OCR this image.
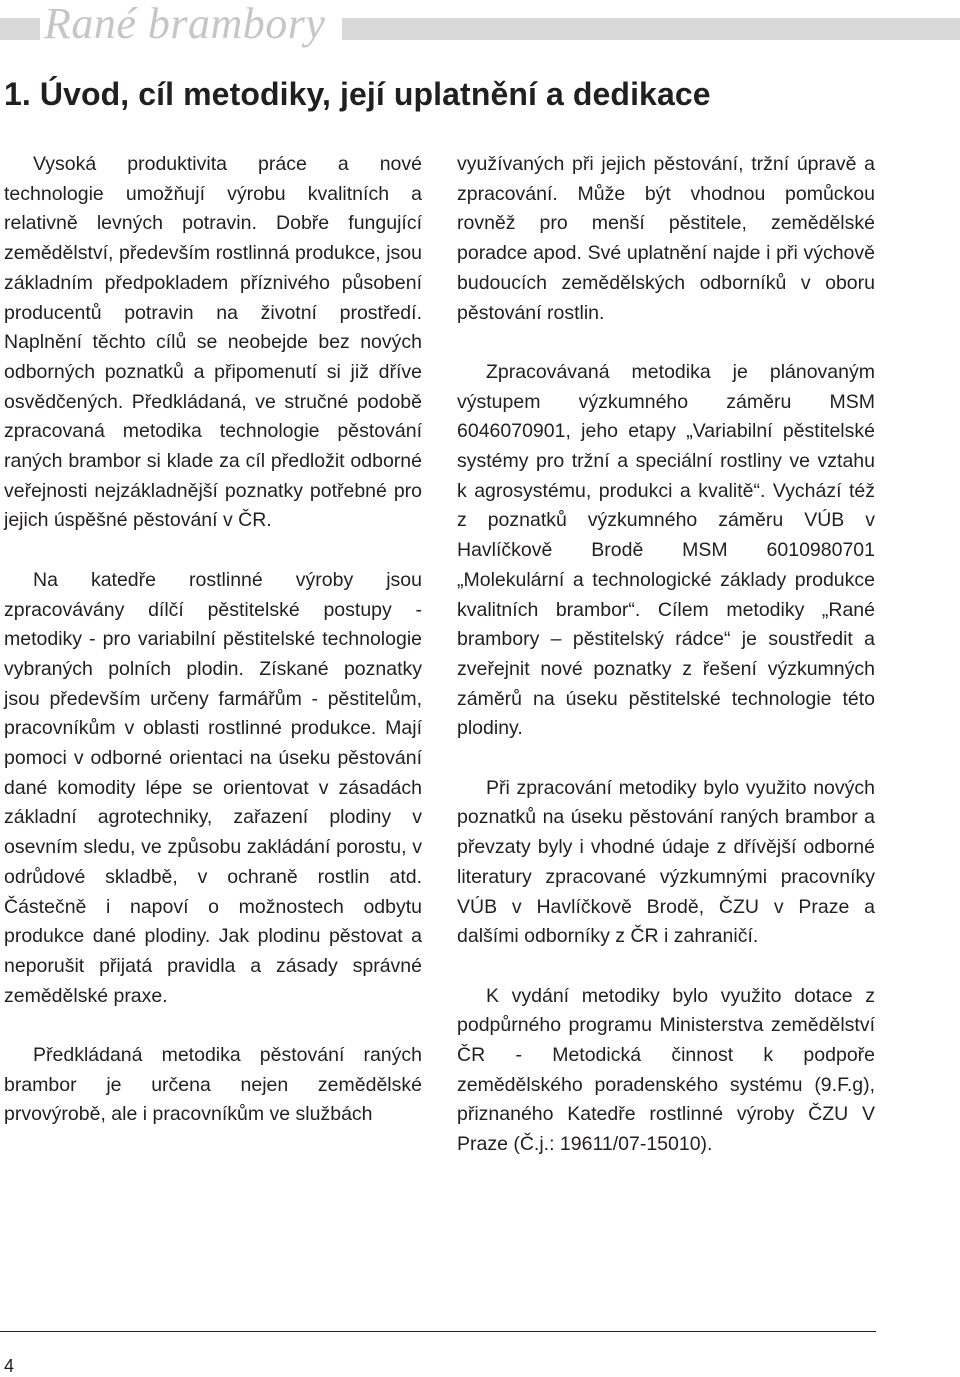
Rané brambory
1. Úvod, cíl metodiky, její uplatnění a dedikace

Vysoká produktivita práce a nové technologie umožňují výrobu kvalitních a relativně levných potravin. Dobře fungující zemědělství, především rostlinná produkce, jsou základním předpokladem příznivého působení producentů potravin na životní prostředí. Naplnění těchto cílů se neobejde bez nových odborných poznatků a připomenutí si již dříve osvědčených. Předkládaná, ve stručné podobě zpracovaná metodika technologie pěstování raných brambor si klade za cíl předložit odborné veřejnosti nejzákladnější poznatky potřebné pro jejich úspěšné pěstování v ČR.

Na katedře rostlinné výroby jsou zpracovávány dílčí pěstitelské postupy - metodiky - pro variabilní pěstitelské technologie vybraných polních plodin. Získané poznatky jsou především určeny farmářům - pěstitelům, pracovníkům v oblasti rostlinné produkce. Mají pomoci v odborné orientaci na úseku pěstování dané komodity lépe se orientovat v zásadách základní agrotechniky, zařazení plodiny v osevním sledu, ve způsobu zakládání porostu, v odrůdové skladbě, v ochraně rostlin atd. Částečně i napoví o možnostech odbytu produkce dané plodiny. Jak plodinu pěstovat a neporušit přijatá pravidla a zásady správné zemědělské praxe.

Předkládaná metodika pěstování raných brambor je určena nejen zemědělské prvovýrobě, ale i pracovníkům ve službách

využívaných při jejich pěstování, tržní úpravě a zpracování. Může být vhodnou pomůckou rovněž pro menší pěstitele, zemědělské poradce apod. Své uplatnění najde i při výchově budoucích zemědělských odborníků v oboru pěstování rostlin.

Zpracovávaná metodika je plánovaným výstupem výzkumného záměru MSM 6046070901, jeho etapy „Variabilní pěstitelské systémy pro tržní a speciální rostliny ve vztahu k agrosystému, produkci a kvalitě“. Vychází též z poznatků výzkumného záměru VÚB v Havlíčkově Brodě MSM 6010980701 „Molekulární a technologické základy produkce kvalitních brambor“. Cílem metodiky „Rané brambory – pěstitelský rádce“ je soustředit a zveřejnit nové poznatky z řešení výzkumných záměrů na úseku pěstitelské technologie této plodiny.

Při zpracování metodiky bylo využito nových poznatků na úseku pěstování raných brambor a převzaty byly i vhodné údaje z dřívější odborné literatury zpracované výzkumnými pracovníky VÚB v Havlíčkově Brodě, ČZU v Praze a dalšími odborníky z ČR i zahraničí.

K vydání metodiky bylo využito dotace z podpůrného programu Ministerstva zemědělství ČR - Metodická činnost k podpoře zemědělského poradenského systému (9.F.g), přiznaného Katedře rostlinné výroby ČZU V Praze (Č.j.: 19611/07-15010).

4
